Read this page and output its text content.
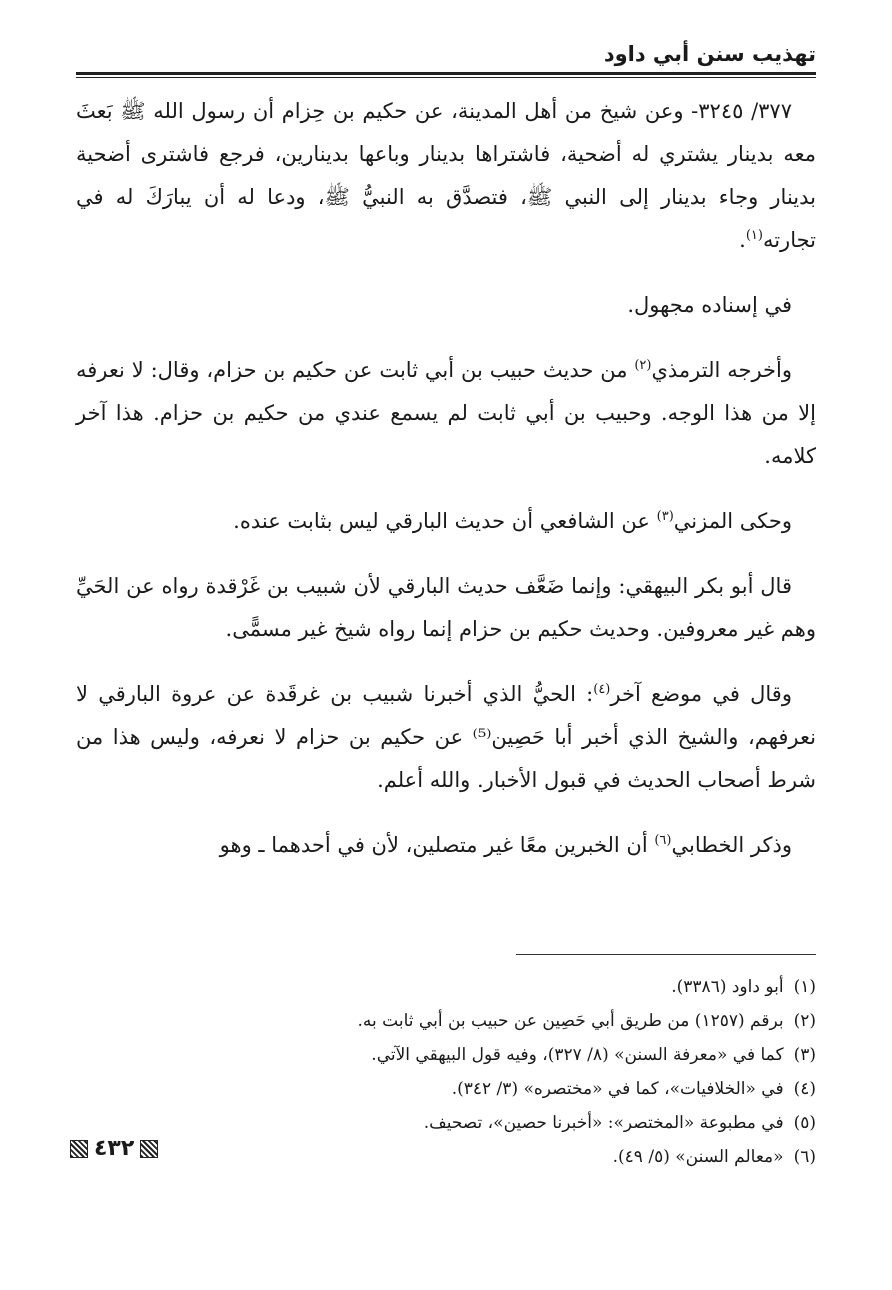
تهذيب سنن أبي داود

٣٧٧/ ٣٢٤٥- وعن شيخ من أهل المدينة، عن حكيم بن حِزام أن رسول الله ﷺ بَعثَ معه بدينار يشتري له أضحية، فاشتراها بدينار وباعها بدينارين، فرجع فاشترى أضحية بدينار وجاء بدينار إلى النبي ﷺ، فتصدَّق به النبيُّ ﷺ، ودعا له أن يبارَكَ له في تجارته$^{(١)}$.

في إسناده مجهول.

وأخرجه الترمذي$^{(٢)}$ من حديث حبيب بن أبي ثابت عن حكيم بن حزام، وقال: لا نعرفه إلا من هذا الوجه. وحبيب بن أبي ثابت لم يسمع عندي من حكيم بن حزام. هذا آخر كلامه.

وحكى المزني$^{(٣)}$ عن الشافعي أن حديث البارقي ليس بثابت عنده.

قال أبو بكر البيهقي: وإنما ضَعَّف حديث البارقي لأن شبيب بن غَرْقدة رواه عن الحَيِّ وهم غير معروفين. وحديث حكيم بن حزام إنما رواه شيخ غير مسمًّى.

وقال في موضع آخر$^{(٤)}$: الحيُّ الذي أخبرنا شبيب بن غرقَدة عن عروة البارقي لا نعرفهم، والشيخ الذي أخبر أبا حَصِين⁽⁵⁾ عن حكيم بن حزام لا نعرفه، وليس هذا من شرط أصحاب الحديث في قبول الأخبار. والله أعلم.

وذكر الخطابي$^{(٦)}$ أن الخبرين معًا غير متصلين، لأن في أحدهما ـ وهو

(١)أبو داود (٣٣٨٦).

(٢)برقم (١٢٥٧) من طريق أبي حَصِين عن حبيب بن أبي ثابت به.

(٣)كما في «معرفة السنن» (٨/ ٣٢٧)، وفيه قول البيهقي الآتي.

(٤)في «الخلافيات»، كما في «مختصره» (٣/ ٣٤٢).

(٥)في مطبوعة «المختصر»: «أخبرنا حصين»، تصحيف.

(٦)«معالم السنن» (٥/ ٤٩).

٤٣٢
